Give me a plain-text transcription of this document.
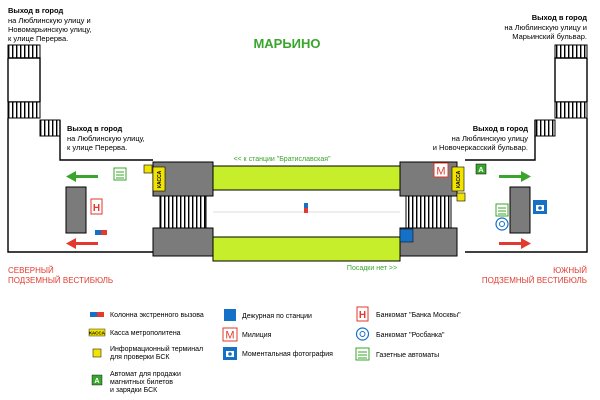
МАРЬИНО
Выход в город
на Люблинскую улицу и
Новомарьинскую улицу,
к улице Перерва.
Выход в город
на Люблинскую улицу и
Марьинский бульвар.
Выход в город
на Люблинскую улицу,
к улице Перерва.
Выход в город
на Люблинскую улицу
и Новочеркасский бульвар.
<< к станции "Братиславская"
Посадки нет >>
КАССА	КАССА
Н
М	A
СЕВЕРНЫЙ
ПОДЗЕМНЫЙ ВЕСТИБЮЛЬ
ЮЖНЫЙ
ПОДЗЕМНЫЙ ВЕСТИБЮЛЬ
Колонна экстренного вызова
КАССА Касса метрополитена
Информационный терминал
для проверки БСК
A
Автомат для продажи
магнитных билетов
и зарядки БСК
Дежурная по станции
М Милиция
Моментальная фотография
Н Банкомат "Банка Москвы"
Банкомат "Росбанка"
Газетные автоматы
